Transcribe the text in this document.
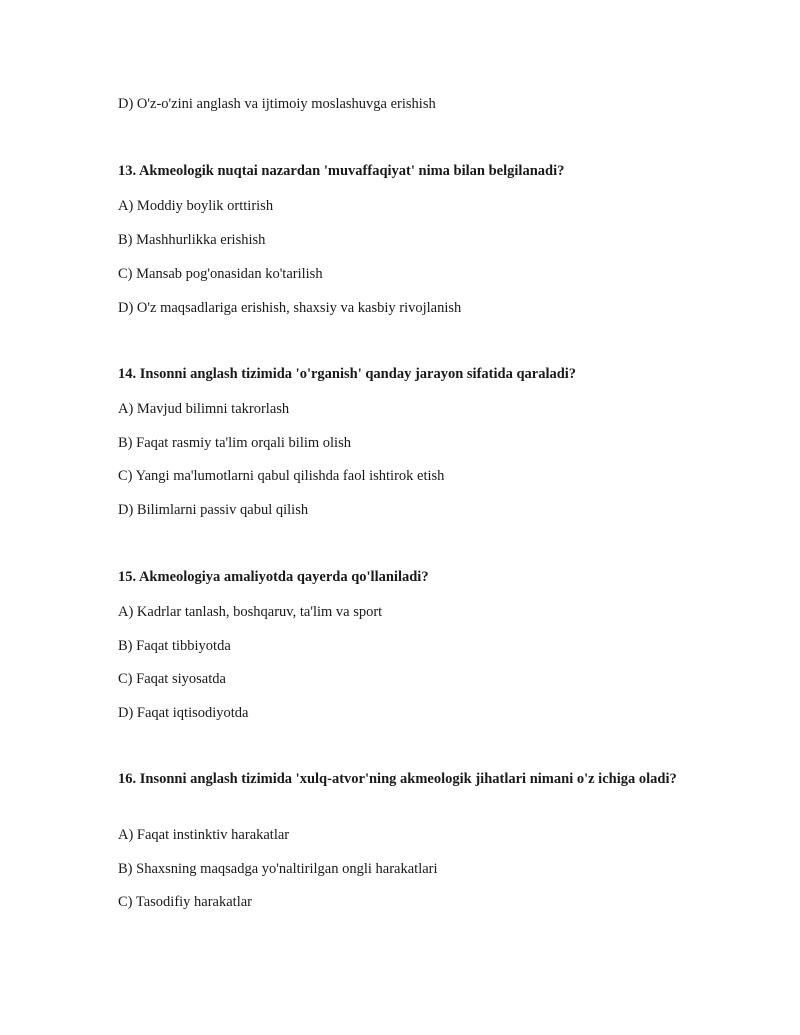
D) O'z-o'zini anglash va ijtimoiy moslashuvga erishish
13. Akmeologik nuqtai nazardan 'muvaffaqiyat' nima bilan belgilanadi?
A) Moddiy boylik orttirish
B) Mashhurlikka erishish
C) Mansab pog'onasidan ko'tarilish
D) O'z maqsadlariga erishish, shaxsiy va kasbiy rivojlanish
14. Insonni anglash tizimida 'o'rganish' qanday jarayon sifatida qaraladi?
A) Mavjud bilimni takrorlash
B) Faqat rasmiy ta'lim orqali bilim olish
C) Yangi ma'lumotlarni qabul qilishda faol ishtirok etish
D) Bilimlarni passiv qabul qilish
15. Akmeologiya amaliyotda qayerda qo'llaniladi?
A) Kadrlar tanlash, boshqaruv, ta'lim va sport
B) Faqat tibbiyotda
C) Faqat siyosatda
D) Faqat iqtisodiyotda
16. Insonni anglash tizimida 'xulq-atvor'ning akmeologik jihatlari nimani o'z ichiga oladi?
A) Faqat instinktiv harakatlar
B) Shaxsning maqsadga yo'naltirilgan ongli harakatlari
C) Tasodifiy harakatlar
